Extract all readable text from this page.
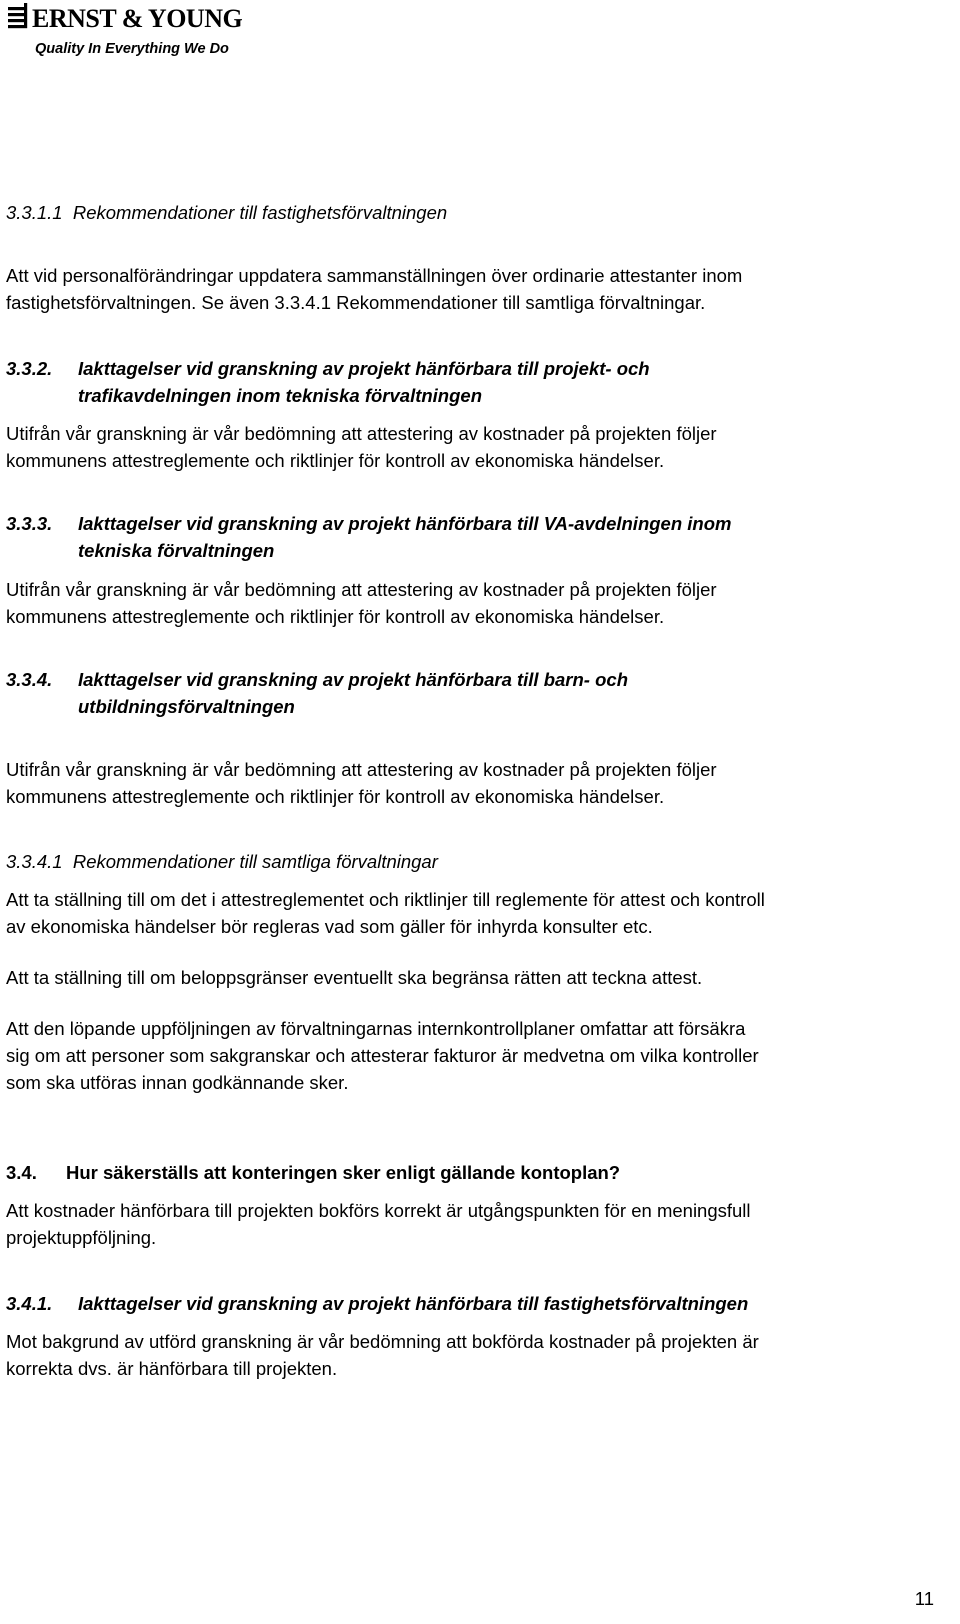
ERNST & YOUNG
Quality In Everything We Do

3.3.1.1 Rekommendationer till fastighetsförvaltningen

Att vid personalförändringar uppdatera sammanställningen över ordinarie attestanter inom

fastighetsförvaltningen. Se även 3.3.4.1 Rekommendationer till samtliga förvaltningar.

3.3.2.	Iakttagelser vid granskning av projekt hänförbara till projekt- och

trafikavdelningen inom tekniska förvaltningen

Utifrån vår granskning är vår bedömning att attestering av kostnader på projekten följer

kommunens attestreglemente och riktlinjer för kontroll av ekonomiska händelser.

3.3.3.	Iakttagelser vid granskning av projekt hänförbara till VA-avdelningen inom

tekniska förvaltningen

Utifrån vår granskning är vår bedömning att attestering av kostnader på projekten följer

kommunens attestreglemente och riktlinjer för kontroll av ekonomiska händelser.

3.3.4.	Iakttagelser vid granskning av projekt hänförbara till barn- och

utbildningsförvaltningen

Utifrån vår granskning är vår bedömning att attestering av kostnader på projekten följer

kommunens attestreglemente och riktlinjer för kontroll av ekonomiska händelser.

3.3.4.1 Rekommendationer till samtliga förvaltningar

Att ta ställning till om det i attestreglementet och riktlinjer till reglemente för attest och kontroll

av ekonomiska händelser bör regleras vad som gäller för inhyrda konsulter etc.

Att ta ställning till om beloppsgränser eventuellt ska begränsa rätten att teckna attest.

Att den löpande uppföljningen av förvaltningarnas internkontrollplaner omfattar att försäkra

sig om att personer som sakgranskar och attesterar fakturor är medvetna om vilka kontroller

som ska utföras innan godkännande sker.

3.4.	Hur säkerställs att konteringen sker enligt gällande kontoplan?

Att kostnader hänförbara till projekten bokförs korrekt är utgångspunkten för en meningsfull

projektuppföljning.

3.4.1.	Iakttagelser vid granskning av projekt hänförbara till fastighetsförvaltningen

Mot bakgrund av utförd granskning är vår bedömning att bokförda kostnader på projekten är

korrekta dvs. är hänförbara till projekten.

11
